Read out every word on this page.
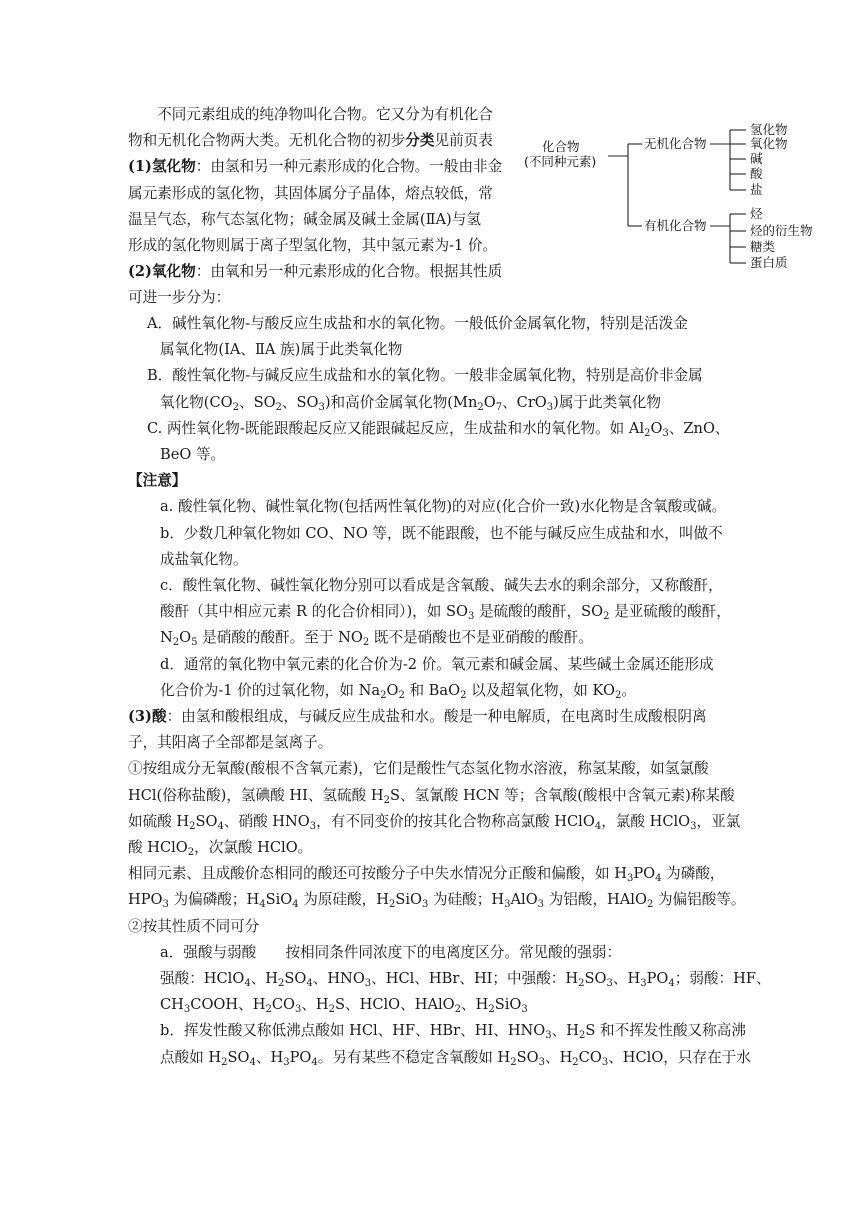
　　不同元素组成的纯净物叫化合物。它又分为有机化合
物和无机化合物两大类。无机化合物的初步分类见前页表
(1)氢化物：由氢和另一种元素形成的化合物。一般由非金
属元素形成的氢化物，其固体属分子晶体，熔点较低，常
温呈气态，称气态氢化物；碱金属及碱土金属(ⅡA)与氢
形成的氢化物则属于离子型氢化物，其中氢元素为-1 价。
(2)氧化物：由氧和另一种元素形成的化合物。根据其性质
可进一步分为：
A．碱性氧化物-与酸反应生成盐和水的氧化物。一般低价金属氧化物，特别是活泼金
属氧化物(ⅠA、ⅡA 族)属于此类氧化物
B．酸性氧化物-与碱反应生成盐和水的氧化物。一般非金属氧化物，特别是高价非金属
氧化物($CO_2$、$SO_2$、$SO_3$)和高价金属氧化物($Mn_2O_7$、CrO$_3$)属于此类氧化物
C. 两性氧化物-既能跟酸起反应又能跟碱起反应，生成盐和水的氧化物。如 $Al_2O_3$、ZnO、
BeO 等。
【注意】
a. 酸性氧化物、碱性氧化物(包括两性氧化物)的对应(化合价一致)水化物是含氧酸或碱。
b．少数几种氧化物如 CO、NO 等，既不能跟酸，也不能与碱反应生成盐和水，叫做不
成盐氧化物。
c．酸性氧化物、碱性氧化物分别可以看成是含氧酸、碱失去水的剩余部分，又称酸酐，
酸酐（其中相应元素 R 的化合价相同）)，如 $SO_3$ 是硫酸的酸酐，$SO_2$ 是亚硫酸的酸酐，
$N_2O_5$ 是硝酸的酸酐。至于 $NO_2$ 既不是硝酸也不是亚硝酸的酸酐。
d．通常的氧化物中氧元素的化合价为-2 价。氧元素和碱金属、某些碱土金属还能形成
化合价为-1 价的过氧化物，如 $Na_2O_2$ 和 BaO$_2$ 以及超氧化物，如 $KO_2$。
(3)酸：由氢和酸根组成，与碱反应生成盐和水。酸是一种电解质，在电离时生成酸根阴离
子，其阳离子全部都是氢离子。
①按组成分无氧酸(酸根不含氧元素)，它们是酸性气态氢化物水溶液，称氢某酸，如氢氯酸
HCl(俗称盐酸)，氢碘酸 HI、氢硫酸 $H_2S$、氢氰酸 HCN 等；含氧酸(酸根中含氧元素)称某酸
如硫酸 $H_2SO_4$、硝酸 $HNO_3$，有不同变价的按其化合物称高氯酸 HClO$_4$，氯酸 HClO$_3$，亚氯
酸 HClO$_2$，次氯酸 HClO。
相同元素、且成酸价态相同的酸还可按酸分子中失水情况分正酸和偏酸，如 $H_3PO_4$ 为磷酸，
$HPO_3$ 为偏磷酸；$H_4SiO_4$ 为原硅酸，$H_2SiO_3$ 为硅酸；$H_3AlO_3$ 为铝酸，HAlO$_2$ 为偏铝酸等。
②按其性质不同可分
a．强酸与弱酸　　按相同条件同浓度下的电离度区分。常见酸的强弱：
强酸：HClO$_4$、$H_2SO_4$、$HNO_3$、HCl、HBr、HI；中强酸：$H_2SO_3$、$H_3PO_4$；弱酸：HF、
$CH_3COOH$、$H_2CO_3$、$H_2S$、HClO、HAlO$_2$、$H_2SiO_3$
b．挥发性酸又称低沸点酸如 HCl、HF、HBr、HI、$HNO_3$、$H_2S$ 和不挥发性酸又称高沸
点酸如 $H_2SO_4$、$H_3PO_4$。另有某些不稳定含氧酸如 $H_2SO_3$、$H_2CO_3$、HClO，只存在于水
化合物
(不同种元素)
无机化合物
有机化合物
氢化物
氧化物
碱
酸
盐
烃
烃的衍生物
糖类
蛋白质
